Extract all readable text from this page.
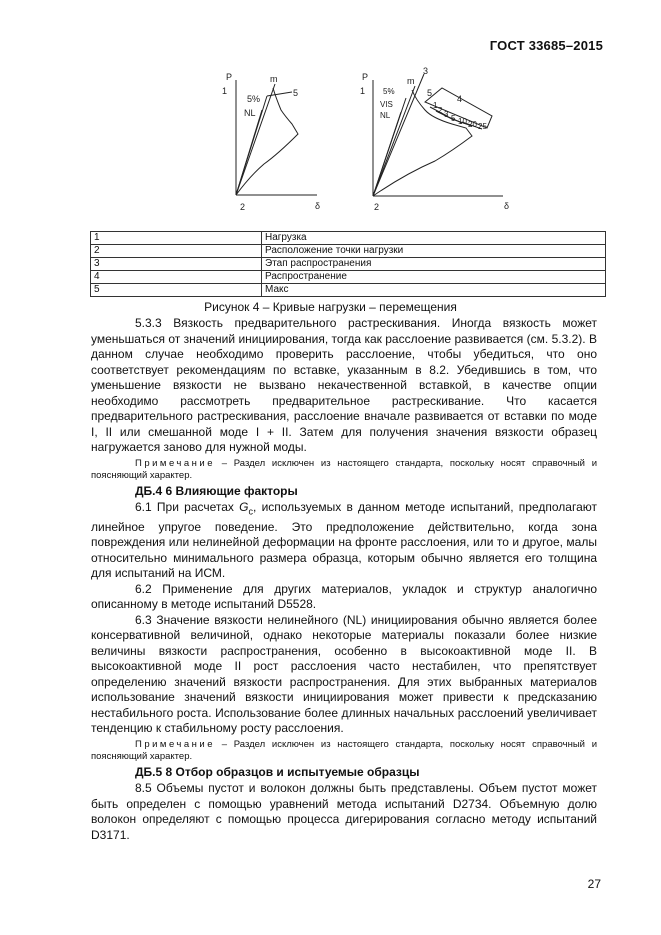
ГОСТ 33685–2015
P
1
m
5%
5
NL
2	δ
P
1
3
m
5%
VIS
5
NL
4
1
2 3 5 10 20 25
2	δ
1	Нагрузка
2	Расположение точки нагрузки
3	Этап распространения
4	Распространение
5	Макс
Рисунок 4 – Кривые нагрузки – перемещения

5.3.3 Вязкость предварительного растрескивания. Иногда вязкость может уменьшаться от значений инициирования, тогда как расслоение развивается (см. 5.3.2). В данном случае необходимо проверить расслоение, чтобы убедиться, что оно соответствует рекомендациям по вставке, указанным в 8.2. Убедившись в том, что уменьшение вязкости не вызвано некачественной вставкой, в качестве опции необходимо рассмотреть предварительное растрескивание. Что касается предварительного растрескивания, расслоение вначале развивается от вставки по моде I, II или смешанной моде I + II. Затем для получения значения вязкости образец нагружается заново для нужной моды.

Примечание – Раздел исключен из настоящего стандарта, поскольку носят справочный и поясняющий характер.

ДБ.4 6 Влияющие факторы

6.1 При расчетах $G_c$, используемых в данном методе испытаний, предполагают линейное упругое поведение. Это предположение действительно, когда зона повреждения или нелинейной деформации на фронте расслоения, или то и другое, малы относительно минимального размера образца, которым обычно является его толщина для испытаний на ИСМ.

6.2 Применение для других материалов, укладок и структур аналогично описанному в методе испытаний D5528.

6.3 Значение вязкости нелинейного (NL) инициирования обычно является более консервативной величиной, однако некоторые материалы показали более низкие величины вязкости распространения, особенно в высокоактивной моде II. В высокоактивной моде II рост расслоения часто нестабилен, что препятствует определению значений вязкости распространения. Для этих выбранных материалов использование значений вязкости инициирования может привести к предсказанию нестабильного роста. Использование более длинных начальных расслоений увеличивает тенденцию к стабильному росту расслоения.

Примечание – Раздел исключен из настоящего стандарта, поскольку носят справочный и поясняющий характер.

ДБ.5 8 Отбор образцов и испытуемые образцы

8.5 Объемы пустот и волокон должны быть представлены. Объем пустот может быть определен с помощью уравнений метода испытаний D2734. Объемную долю волокон определяют с помощью процесса дигерирования согласно методу испытаний D3171.

27
